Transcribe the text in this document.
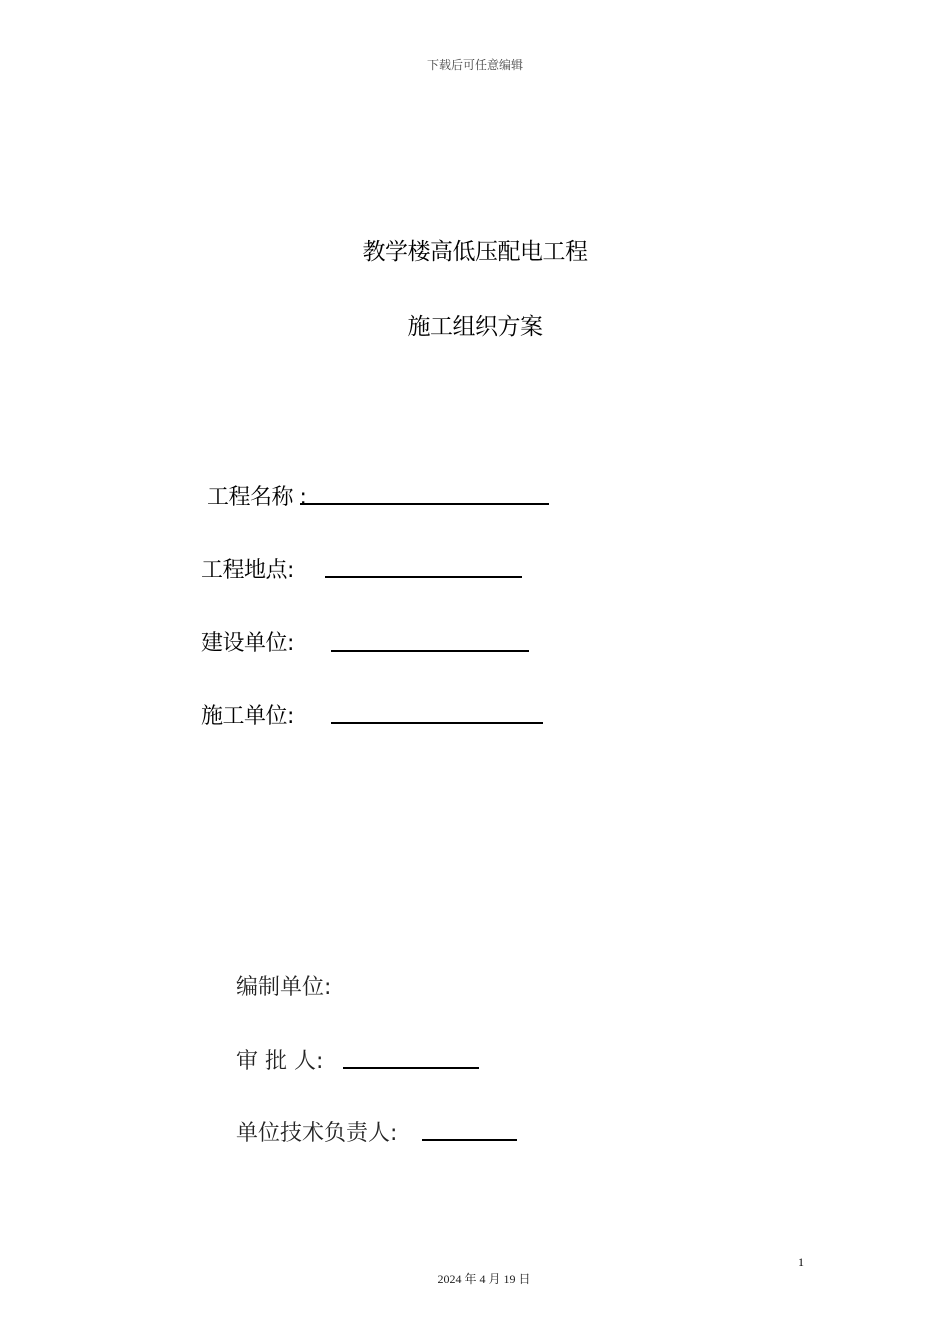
下载后可任意编辑
教学楼高低压配电工程
施工组织方案
工程名称 :
工程地点:
建设单位:
施工单位:
编制单位:
审 批 人:
单位技术负责人:
1
2024 年 4 月 19 日
